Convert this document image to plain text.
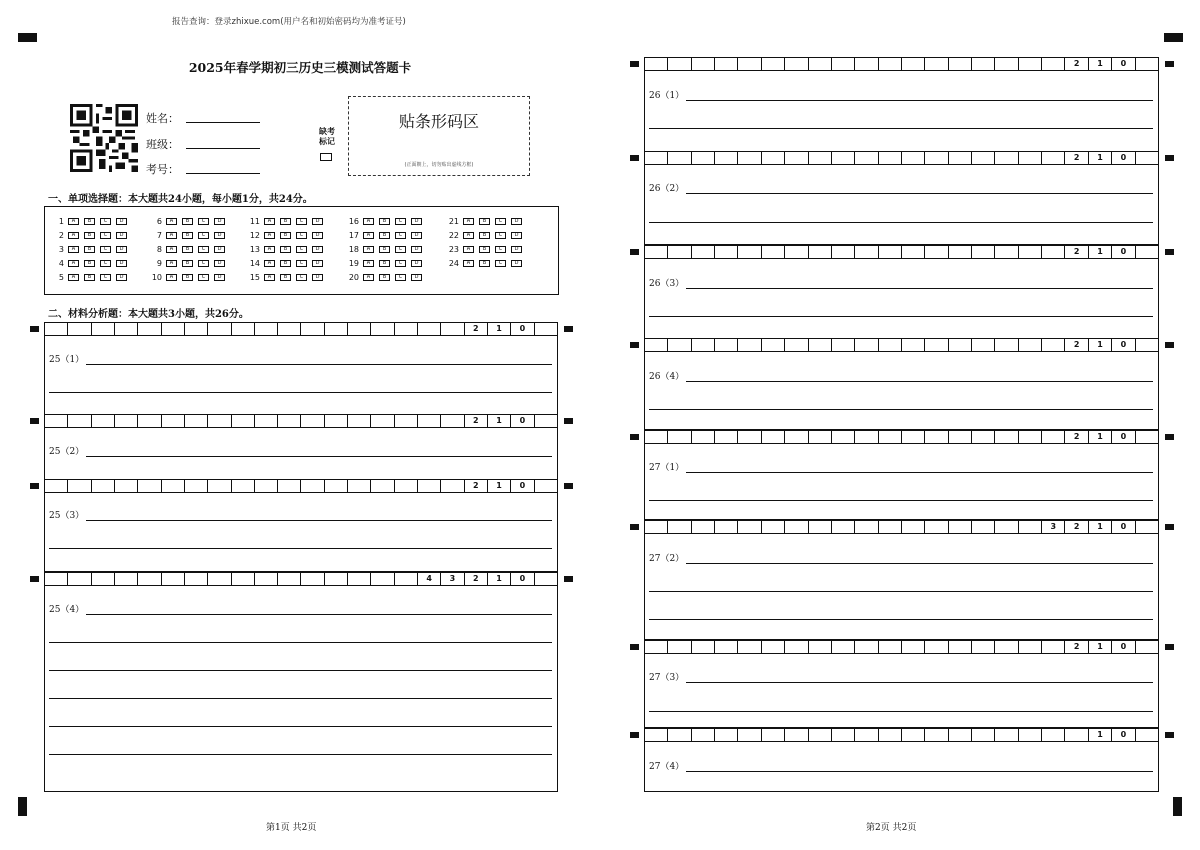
报告查询：登录zhixue.com(用户名和初始密码均为准考证号)
2025年春学期初三历史三模测试答题卡
姓名：
班级：
考号：
缺考
标记
贴条形码区
(正面朝上，切勿贴出虚线方框)
一、单项选择题：本大题共24小题，每小题1分，共24分。
1	A	B	C	D
2	A	B	C	D
3	A	B	C	D
4	A	B	C	D
5	A	B	C	D
6	A	B	C	D
7	A	B	C	D
8	A	B	C	D
9	A	B	C	D
10	A	B	C	D
11	A	B	C	D
12	A	B	C	D
13	A	B	C	D
14	A	B	C	D
15	A	B	C	D
16	A	B	C	D
17	A	B	C	D
18	A	B	C	D
19	A	B	C	D
20	A	B	C	D
21	A	B	C	D
22	A	B	C	D
23	A	B	C	D
24	A	B	C	D
二、材料分析题：本大题共3小题，共26分。
2	1	0
25（1）
2	1	0
25（2）
2	1	0
25（3）
4	3	2	1	0
25（4）
2	1	0
26（1）
2	1	0
26（2）
2	1	0
26（3）
2	1	0
26（4）
2	1	0
27（1）
3	2	1	0
27（2）
2	1	0
27（3）
1	0
27（4）
第1页 共2页	第2页 共2页
